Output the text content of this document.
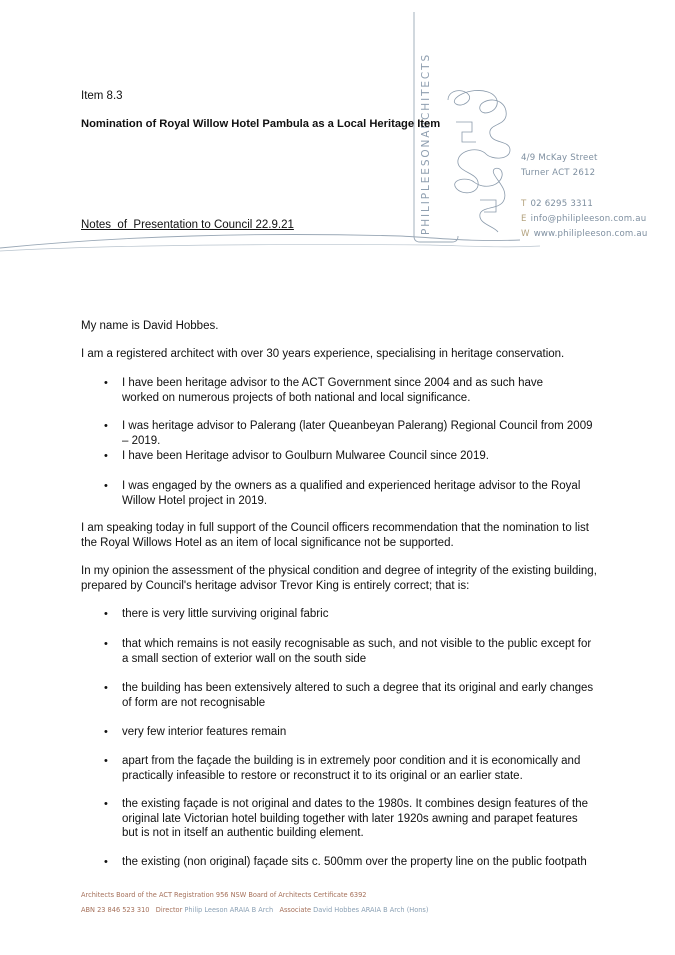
PHILIPLEESONARCHITECTS	4/9 McKay Street
Turner ACT 2612
T 02 6295 3311
E info@philipleeson.com.au
W www.philipleeson.com.au
Item 8.3
Nomination of Royal Willow Hotel Pambula as a Local Heritage Item
Notes  of  Presentation to Council 22.9.21
My name is David Hobbes.
I am a registered architect with over 30 years experience, specialising in heritage conservation.
• I have been heritage advisor to the ACT Government since 2004 and as such have worked on numerous projects of both national and local significance.
• I was heritage advisor to Palerang (later Queanbeyan Palerang) Regional Council from 2009 – 2019.
• I have been Heritage advisor to Goulburn Mulwaree Council since 2019.
• I was engaged by the owners as a qualified and experienced heritage advisor to the Royal Willow Hotel project in 2019.
I am speaking today in full support of the Council officers recommendation that the nomination to list the Royal Willows Hotel as an item of local significance not be supported.
In my opinion the assessment of the physical condition and degree of integrity of the existing building, prepared by Council's heritage advisor Trevor King is entirely correct; that is:
• there is very little surviving original fabric
• that which remains is not easily recognisable as such, and not visible to the public except for a small section of exterior wall on the south side
• the building has been extensively altered to such a degree that its original and early changes of form are not recognisable
• very few interior features remain
• apart from the façade the building is in extremely poor condition and it is economically and practically infeasible to restore or reconstruct it to its original or an earlier state.
• the existing façade is not original and dates to the 1980s. It combines design features of the original late Victorian hotel building together with later 1920s awning and parapet features but is not in itself an authentic building element.
• the existing (non original) façade sits c. 500mm over the property line on the public footpath
Architects Board of the ACT Registration 956 NSW Board of Architects Certificate 6392
ABN 23 846 523 310 Director Philip Leeson ARAIA B Arch Associate David Hobbes ARAIA B Arch (Hons)
